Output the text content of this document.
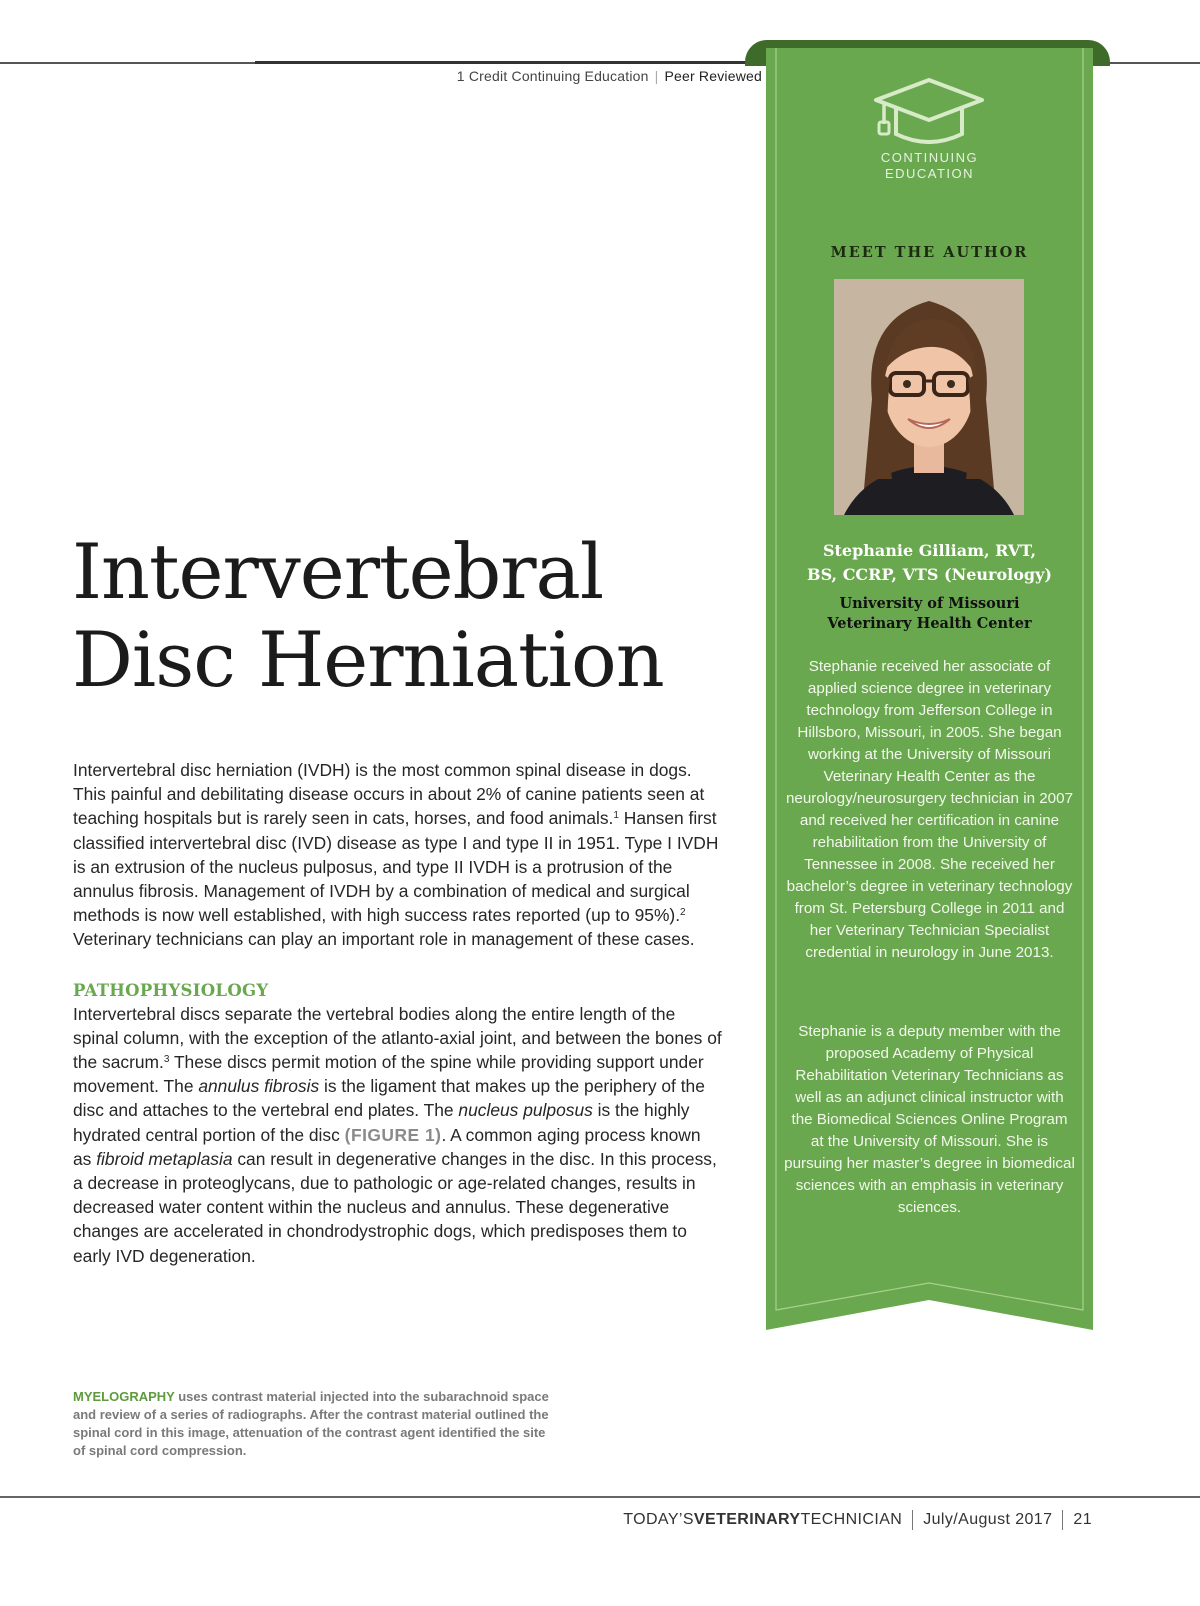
1 Credit Continuing Education | Peer Reviewed
Intervertebral
Disc Herniation

Intervertebral disc herniation (IVDH) is the most common spinal disease in dogs. This painful and debilitating disease occurs in about 2% of canine patients seen at teaching hospitals but is rarely seen in cats, horses, and food animals.$^1$ Hansen first classified intervertebral disc (IVD) disease as type I and type II in 1951. Type I IVDH is an extrusion of the nucleus pulposus, and type II IVDH is a protrusion of the annulus fibrosis. Management of IVDH by a combination of medical and surgical methods is now well established, with high success rates reported (up to 95%).$^2$ Veterinary technicians can play an important role in management of these cases.

PATHOPHYSIOLOGY

Intervertebral discs separate the vertebral bodies along the entire length of the spinal column, with the exception of the atlanto-axial joint, and between the bones of the sacrum.$^3$ These discs permit motion of the spine while providing support under movement. The annulus fibrosis is the ligament that makes up the periphery of the disc and attaches to the vertebral end plates. The nucleus pulposus is the highly hydrated central portion of the disc (FIGURE 1). A common aging process known as fibroid metaplasia can result in degenerative changes in the disc. In this process, a decrease in proteoglycans, due to pathologic or age-related changes, results in decreased water content within the nucleus and annulus. These degenerative changes are accelerated in chondrodystrophic dogs, which predisposes them to early IVD degeneration.

MYELOGRAPHY uses contrast material injected into the subarachnoid space and review of a series of radiographs. After the contrast material outlined the spinal cord in this image, attenuation of the contrast agent identified the site of spinal cord compression.
TODAY’SVETERINARYTECHNICIAN July/August 2017 21
CONTINUING
EDUCATION
MEET THE AUTHOR
Stephanie Gilliam, RVT,
BS, CCRP, VTS (Neurology)
University of Missouri
Veterinary Health Center

Stephanie received her associate of applied science degree in veterinary technology from Jefferson College in Hillsboro, Missouri, in 2005. She began working at the University of Missouri Veterinary Health Center as the neurology/neurosurgery technician in 2007 and received her certification in canine rehabilitation from the University of Tennessee in 2008. She received her bachelor’s degree in veterinary technology from St. Petersburg College in 2011 and her Veterinary Technician Specialist credential in neurology in June 2013.

Stephanie is a deputy member with the proposed Academy of Physical Rehabilitation Veterinary Technicians as well as an adjunct clinical instructor with the Biomedical Sciences Online Program at the University of Missouri. She is pursuing her master’s degree in biomedical sciences with an emphasis in veterinary sciences.
